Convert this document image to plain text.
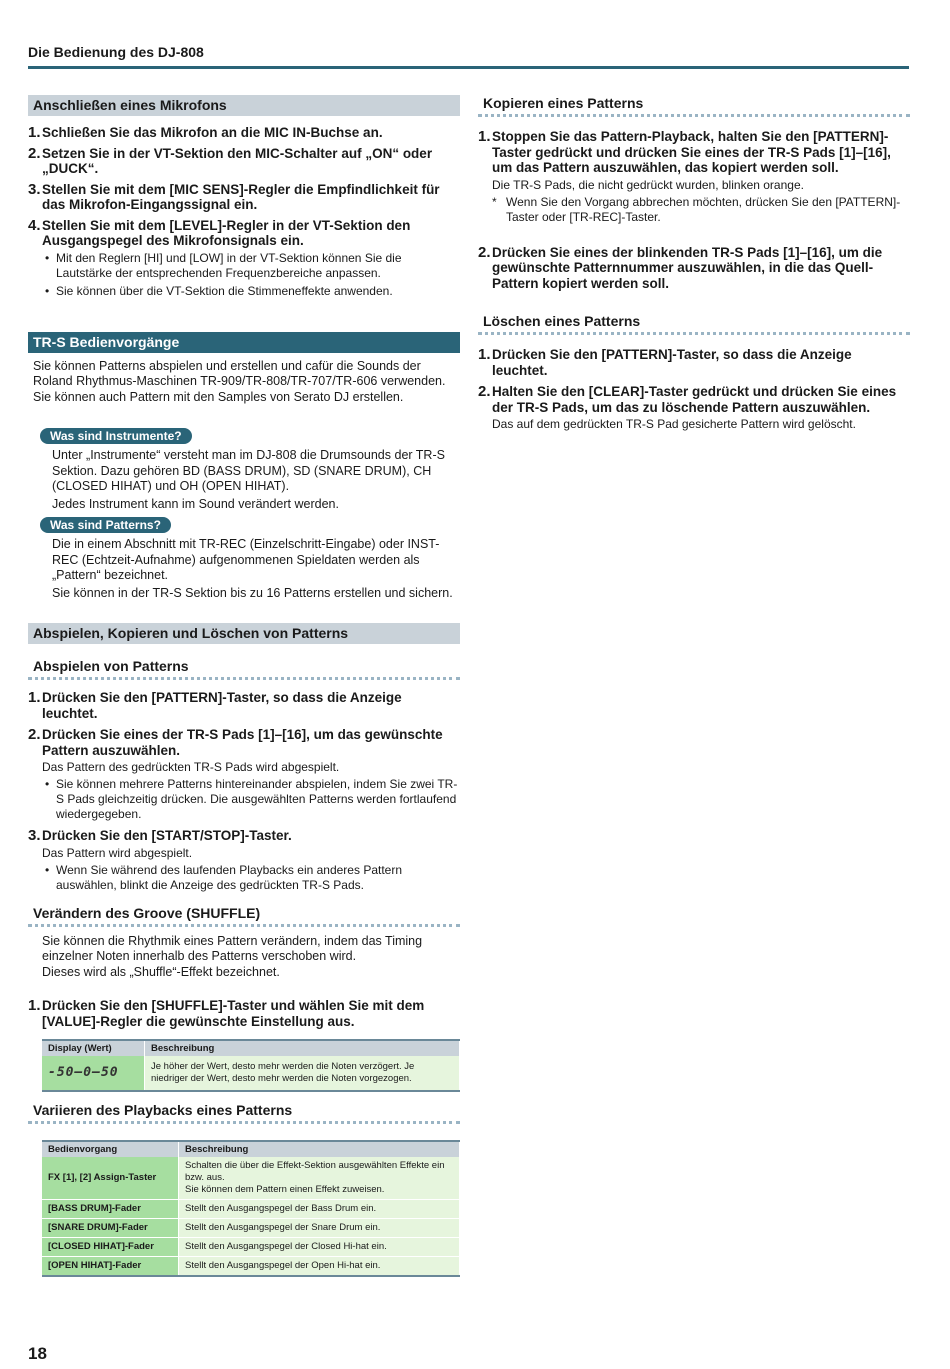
Die Bedienung des DJ-808
Anschließen eines Mikrofons
1. Schließen Sie das Mikrofon an die MIC IN-Buchse an.
2. Setzen Sie in der VT-Sektion den MIC-Schalter auf „ON“ oder „DUCK“.
3. Stellen Sie mit dem [MIC SENS]-Regler die Empfindlichkeit für das Mikrofon-Eingangssignal ein.
4. Stellen Sie mit dem [LEVEL]-Regler in der VT-Sektion den Ausgangspegel des Mikrofonsignals ein.
• Mit den Reglern [HI] und [LOW] in der VT-Sektion können Sie die Lautstärke der entsprechenden Frequenzbereiche anpassen.
• Sie können über die VT-Sektion die Stimmeneffekte anwenden.
TR-S Bedienvorgänge
Sie können Patterns abspielen und erstellen und cafür die Sounds der Roland Rhythmus-Maschinen TR-909/TR-808/TR-707/TR-606 verwenden. Sie können auch Pattern mit den Samples von Serato DJ erstellen.
Was sind Instrumente?
Unter „Instrumente“ versteht man im DJ-808 die Drumsounds der TR-S Sektion. Dazu gehören BD (BASS DRUM), SD (SNARE DRUM), CH (CLOSED HIHAT) und OH (OPEN HIHAT).
Jedes Instrument kann im Sound verändert werden.
Was sind Patterns?
Die in einem Abschnitt mit TR-REC (Einzelschritt-Eingabe) oder INST-REC (Echtzeit-Aufnahme) aufgenommenen Spieldaten werden als „Pattern“ bezeichnet.
Sie können in der TR-S Sektion bis zu 16 Patterns erstellen und sichern.
Abspielen, Kopieren und Löschen von Patterns
Abspielen von Patterns
1. Drücken Sie den [PATTERN]-Taster, so dass die Anzeige leuchtet.
2. Drücken Sie eines der TR-S Pads [1]–[16], um das gewünschte Pattern auszuwählen.
Das Pattern des gedrückten TR-S Pads wird abgespielt.
• Sie können mehrere Patterns hintereinander abspielen, indem Sie zwei TR-S Pads gleichzeitig drücken. Die ausgewählten Patterns werden fortlaufend wiedergegeben.
3. Drücken Sie den [START/STOP]-Taster.
Das Pattern wird abgespielt.
• Wenn Sie während des laufenden Playbacks ein anderes Pattern auswählen, blinkt die Anzeige des gedrückten TR-S Pads.
Verändern des Groove (SHUFFLE)
Sie können die Rhythmik eines Pattern verändern, indem das Timing einzelner Noten innerhalb des Patterns verschoben wird.
Dieses wird als „Shuffle“-Effekt bezeichnet.
1. Drücken Sie den [SHUFFLE]-Taster und wählen Sie mit dem [VALUE]-Regler die gewünschte Einstellung aus.
Display (Wert)	Beschreibung
-50–0–50	Je höher der Wert, desto mehr werden die Noten verzögert. Je niedriger der Wert, desto mehr werden die Noten vorgezogen.
Variieren des Playbacks eines Patterns
Bedienvorgang	Beschreibung
FX [1], [2] Assign-Taster	Schalten die über die Effekt-Sektion ausgewählten Effekte ein bzw. aus.
Sie können dem Pattern einen Effekt zuweisen.

[BASS DRUM]-Fader	Stellt den Ausgangspegel der Bass Drum ein.
[SNARE DRUM]-Fader	Stellt den Ausgangspegel der Snare Drum ein.
[CLOSED HIHAT]-Fader	Stellt den Ausgangspegel der Closed Hi-hat ein.
[OPEN HIHAT]-Fader	Stellt den Ausgangspegel der Open Hi-hat ein.
Kopieren eines Patterns
1. Stoppen Sie das Pattern-Playback, halten Sie den [PATTERN]-Taster gedrückt und drücken Sie eines der TR-S Pads [1]–[16], um das Pattern auszuwählen, das kopiert werden soll.
Die TR-S Pads, die nicht gedrückt wurden, blinken orange.
* Wenn Sie den Vorgang abbrechen möchten, drücken Sie den [PATTERN]-Taster oder [TR-REC]-Taster.
2. Drücken Sie eines der blinkenden TR-S Pads [1]–[16], um die gewünschte Patternnummer auszuwählen, in die das Quell-Pattern kopiert werden soll.
Löschen eines Patterns
1. Drücken Sie den [PATTERN]-Taster, so dass die Anzeige leuchtet.
2. Halten Sie den [CLEAR]-Taster gedrückt und drücken Sie eines der TR-S Pads, um das zu löschende Pattern auszuwählen.
Das auf dem gedrückten TR-S Pad gesicherte Pattern wird gelöscht.
18
